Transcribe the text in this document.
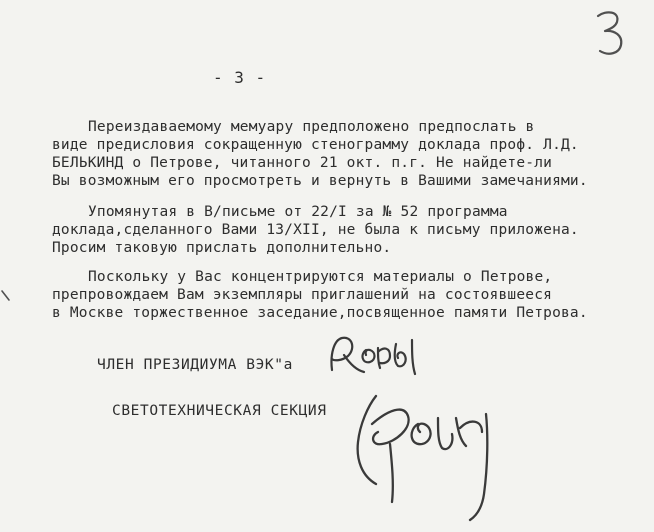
- 3 -
Переиздаваемому мемуару предположено предпослать в
виде предисловия сокращенную стенограмму доклада проф. Л.Д.
БЕЛЬКИНД о Петрове, читанного 21 окт. п.г. Не найдете-ли
Вы возможным его просмотреть и вернуть в Вашими замечаниями.
Упомянутая в В/письме от 22/I за № 52 программа
доклада,сделанного Вами 13/XII, не была к письму приложена.
Просим таковую прислать дополнительно.
Поскольку у Вас концентрируются материалы о Петрове,
препровождаем Вам экземпляры приглашений на состоявшееся
в Москве торжественное заседание,посвященное памяти Петрова.
ЧЛЕН ПРЕЗИДИУМА ВЭК"а
СВЕТОТЕХНИЧЕСКАЯ СЕКЦИЯ
